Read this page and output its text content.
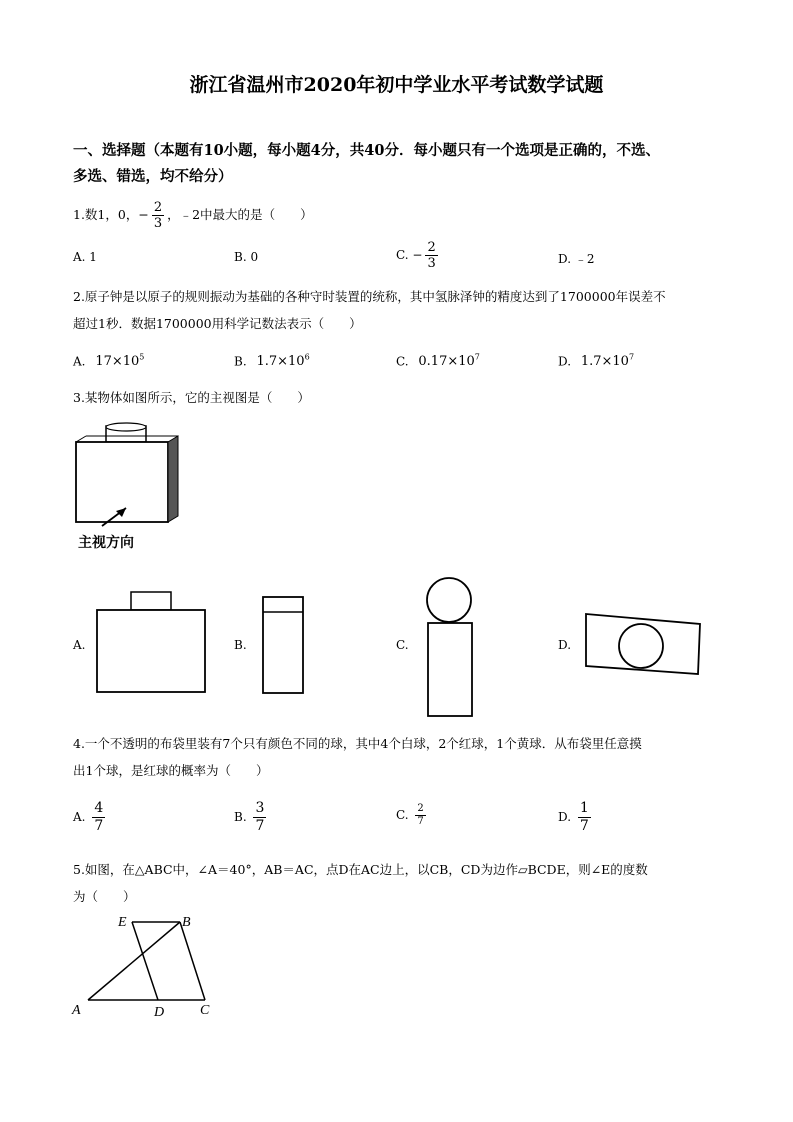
浙江省温州市2020年初中学业水平考试数学试题
一、选择题（本题有10小题，每小题4分，共40分．每小题只有一个选项是正确的，不选、
多选、错选，均不给分）
1.数1，0，− $\frac{2}{3}$ ，﹣2中最大的是（　　）
A. 1	B. 0	C. − $\frac{2}{3}$	D. ﹣2
2.原子钟是以原子的规则振动为基础的各种守时装置的统称，其中氢脉泽钟的精度达到了1700000年误差不
超过1秒．数据1700000用科学记数法表示（　　）
A. $17\times 10^5$	B. $1.7\times 10^6$	C. $0.17\times 10^7$	D. $1.7\times 10^7$
3.某物体如图所示，它的主视图是（　　）
主视方向
A.	B.	C.	D.
4.一个不透明的布袋里装有7个只有颜色不同的球，其中4个白球，2个红球，1个黄球．从布袋里任意摸
出1个球，是红球的概率为（　　）
A. $\frac{4}{7}$	B. $\frac{3}{7}$	C. $\frac{2}{7}$	D. $\frac{1}{7}$
5.如图，在△ABC中，∠A＝40°，AB＝AC，点D在AC边上，以CB，CD为边作▱BCDE，则∠E的度数
为（　　）
E	B
A	D	C
